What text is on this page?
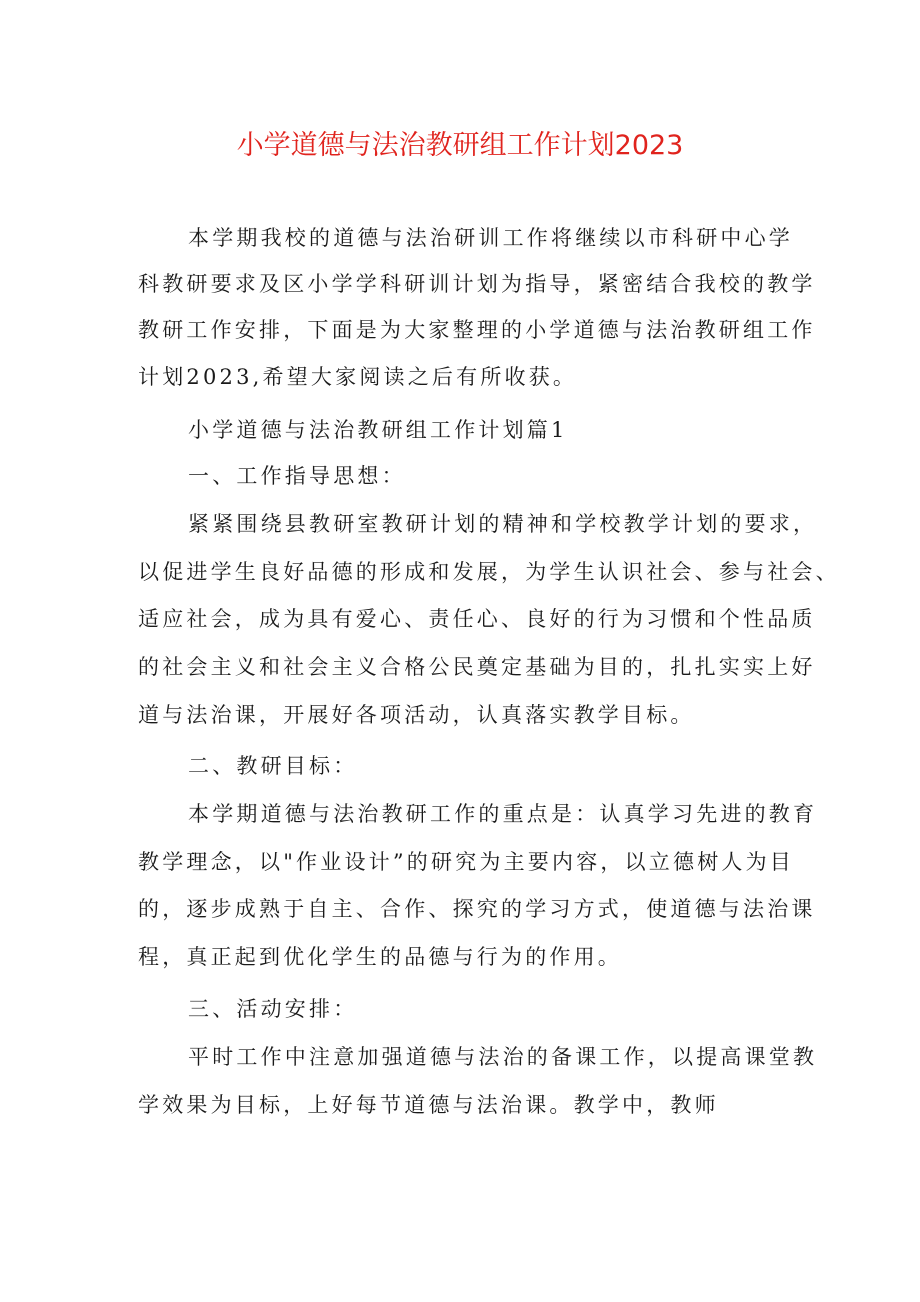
小学道德与法治教研组工作计划2023
本学期我校的道德与法治研训工作将继续以市科研中心学
科教研要求及区小学学科研训计划为指导，紧密结合我校的教学
教研工作安排，下面是为大家整理的小学道德与法治教研组工作
计划2023,希望大家阅读之后有所收获。
小学道德与法治教研组工作计划篇1
一、工作指导思想：
紧紧围绕县教研室教研计划的精神和学校教学计划的要求，
以促进学生良好品德的形成和发展，为学生认识社会、参与社会、
适应社会，成为具有爱心、责任心、良好的行为习惯和个性品质
的社会主义和社会主义合格公民奠定基础为目的，扎扎实实上好
道与法治课，开展好各项活动，认真落实教学目标。
二、教研目标：
本学期道德与法治教研工作的重点是：认真学习先进的教育
教学理念，以"作业设计”的研究为主要内容，以立德树人为目
的，逐步成熟于自主、合作、探究的学习方式，使道德与法治课
程，真正起到优化学生的品德与行为的作用。
三、活动安排：
平时工作中注意加强道德与法治的备课工作，以提高课堂教
学效果为目标，上好每节道德与法治课。教学中，教师
